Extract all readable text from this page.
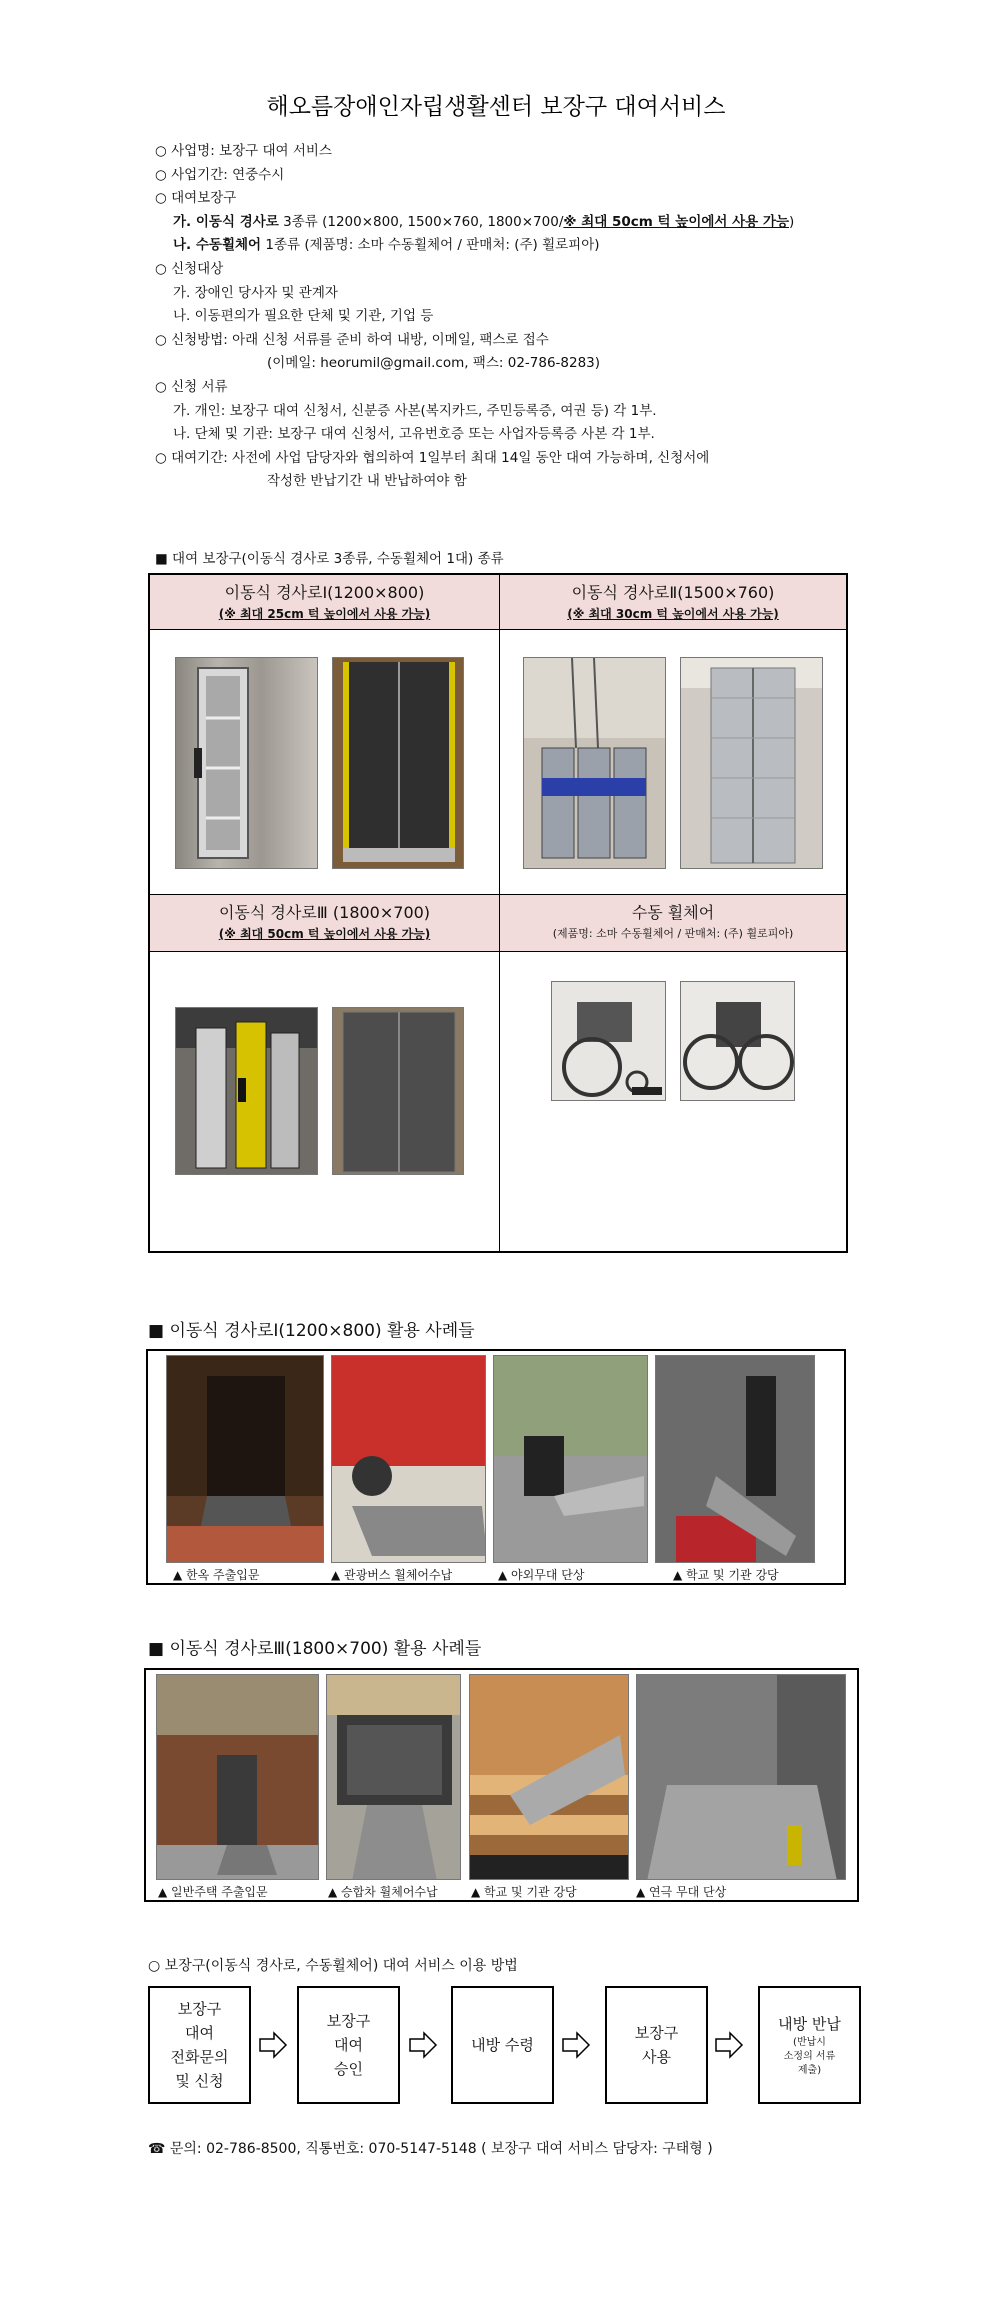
해오름장애인자립생활센터 보장구 대여서비스
○ 사업명: 보장구 대여 서비스
○ 사업기간: 연중수시
○ 대여보장구
가. 이동식 경사로 3종류 (1200×800, 1500×760, 1800×700/※ 최대 50cm 턱 높이에서 사용 가능)
나. 수동휠체어 1종류 (제품명: 소마 수동휠체어 / 판매처: (주) 휠로피아)
○ 신청대상
가. 장애인 당사자 및 관계자
나. 이동편의가 필요한 단체 및 기관, 기업 등
○ 신청방법: 아래 신청 서류를 준비 하여 내방, 이메일, 팩스로 접수
(이메일: heorumil@gmail.com, 팩스: 02-786-8283)
○ 신청 서류
가. 개인: 보장구 대여 신청서, 신분증 사본(복지카드, 주민등록증, 여권 등) 각 1부.
나. 단체 및 기관: 보장구 대여 신청서, 고유번호증 또는 사업자등록증 사본 각 1부.
○ 대여기간: 사전에 사업 담당자와 협의하여 1일부터 최대 14일 동안 대여 가능하며, 신청서에
작성한 반납기간 내 반납하여야 함
■ 대여 보장구(이동식 경사로 3종류, 수동휠체어 1대) 종류
이동식 경사로Ⅰ(1200×800)
(※ 최대 25cm 턱 높이에서 사용 가능)
이동식 경사로Ⅱ(1500×760)
(※ 최대 30cm 턱 높이에서 사용 가능)
이동식 경사로Ⅲ (1800×700)
(※ 최대 50cm 턱 높이에서 사용 가능)
수동 휠체어
(제품명: 소마 수동휠체어 / 판매처: (주) 휠로피아)
■ 이동식 경사로Ⅰ(1200×800) 활용 사례들
▲ 한옥 주출입문	▲ 관광버스 휠체어수납	▲ 야외무대 단상	▲ 학교 및 기관 강당
■ 이동식 경사로Ⅲ(1800×700) 활용 사례들
▲ 일반주택 주출입문	▲ 승합차 휠체어수납	▲ 학교 및 기관 강당	▲ 연극 무대 단상
○ 보장구(이동식 경사로, 수동휠체어) 대여 서비스 이용 방법
보장구
대여
전화문의
및 신청
보장구
대여
승인
내방 수령
보장구
사용
내방 반납
(반납시
소정의 서류
제출)
☎ 문의: 02-786-8500, 직통번호: 070-5147-5148 ( 보장구 대여 서비스 담당자: 구태형 )
